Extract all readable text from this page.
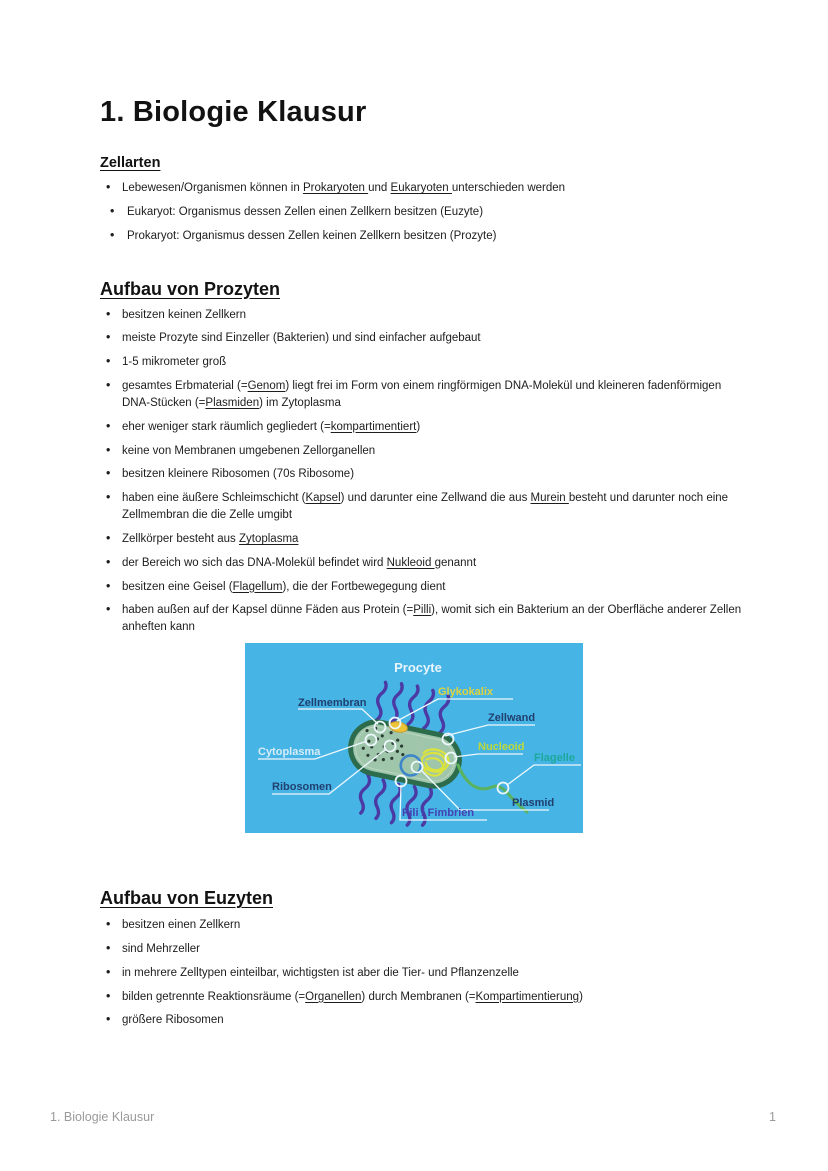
1. Biologie Klausur
Zellarten
• Lebewesen/Organismen können in Prokaryoten und Eukaryoten unterschieden werden
• Eukaryot: Organismus dessen Zellen einen Zellkern besitzen (Euzyte)
• Prokaryot: Organismus dessen Zellen keinen Zellkern besitzen (Prozyte)
Aufbau von Prozyten
• besitzen keinen Zellkern
• meiste Prozyte sind Einzeller (Bakterien) und sind einfacher aufgebaut
• 1-5 mikrometer groß
• gesamtes Erbmaterial (=Genom) liegt frei im Form von einem ringförmigen DNA-Molekül und kleineren fadenförmigen DNA-Stücken (=Plasmiden) im Zytoplasma
• eher weniger stark räumlich gegliedert (=kompartimentiert)
• keine von Membranen umgebenen Zellorganellen
• besitzen kleinere Ribosomen (70s Ribosome)
• haben eine äußere Schleimschicht (Kapsel) und darunter eine Zellwand die aus Murein besteht und darunter noch eine Zellmembran die die Zelle umgibt
• Zellkörper besteht aus Zytoplasma
• der Bereich wo sich das DNA-Molekül befindet wird Nukleoid genannt
• besitzen eine Geisel (Flagellum), die der Fortbewegegung dient
• haben außen auf der Kapsel dünne Fäden aus Protein (=Pilli), womit sich ein Bakterium an der Oberfläche anderer Zellen anheften kann
Procyte
Zellmembran
Glykokalix
Zellwand
Cytoplasma	Nucleoid
Flagelle
Ribosomen
Pili / Fimbrien
Plasmid
Aufbau von Euzyten
• besitzen einen Zellkern
• sind Mehrzeller
• in mehrere Zelltypen einteilbar, wichtigsten ist aber die Tier- und Pflanzenzelle
• bilden getrennte Reaktionsräume (=Organellen) durch Membranen (=Kompartimentierung)
• größere Ribosomen
1. Biologie Klausur	1
